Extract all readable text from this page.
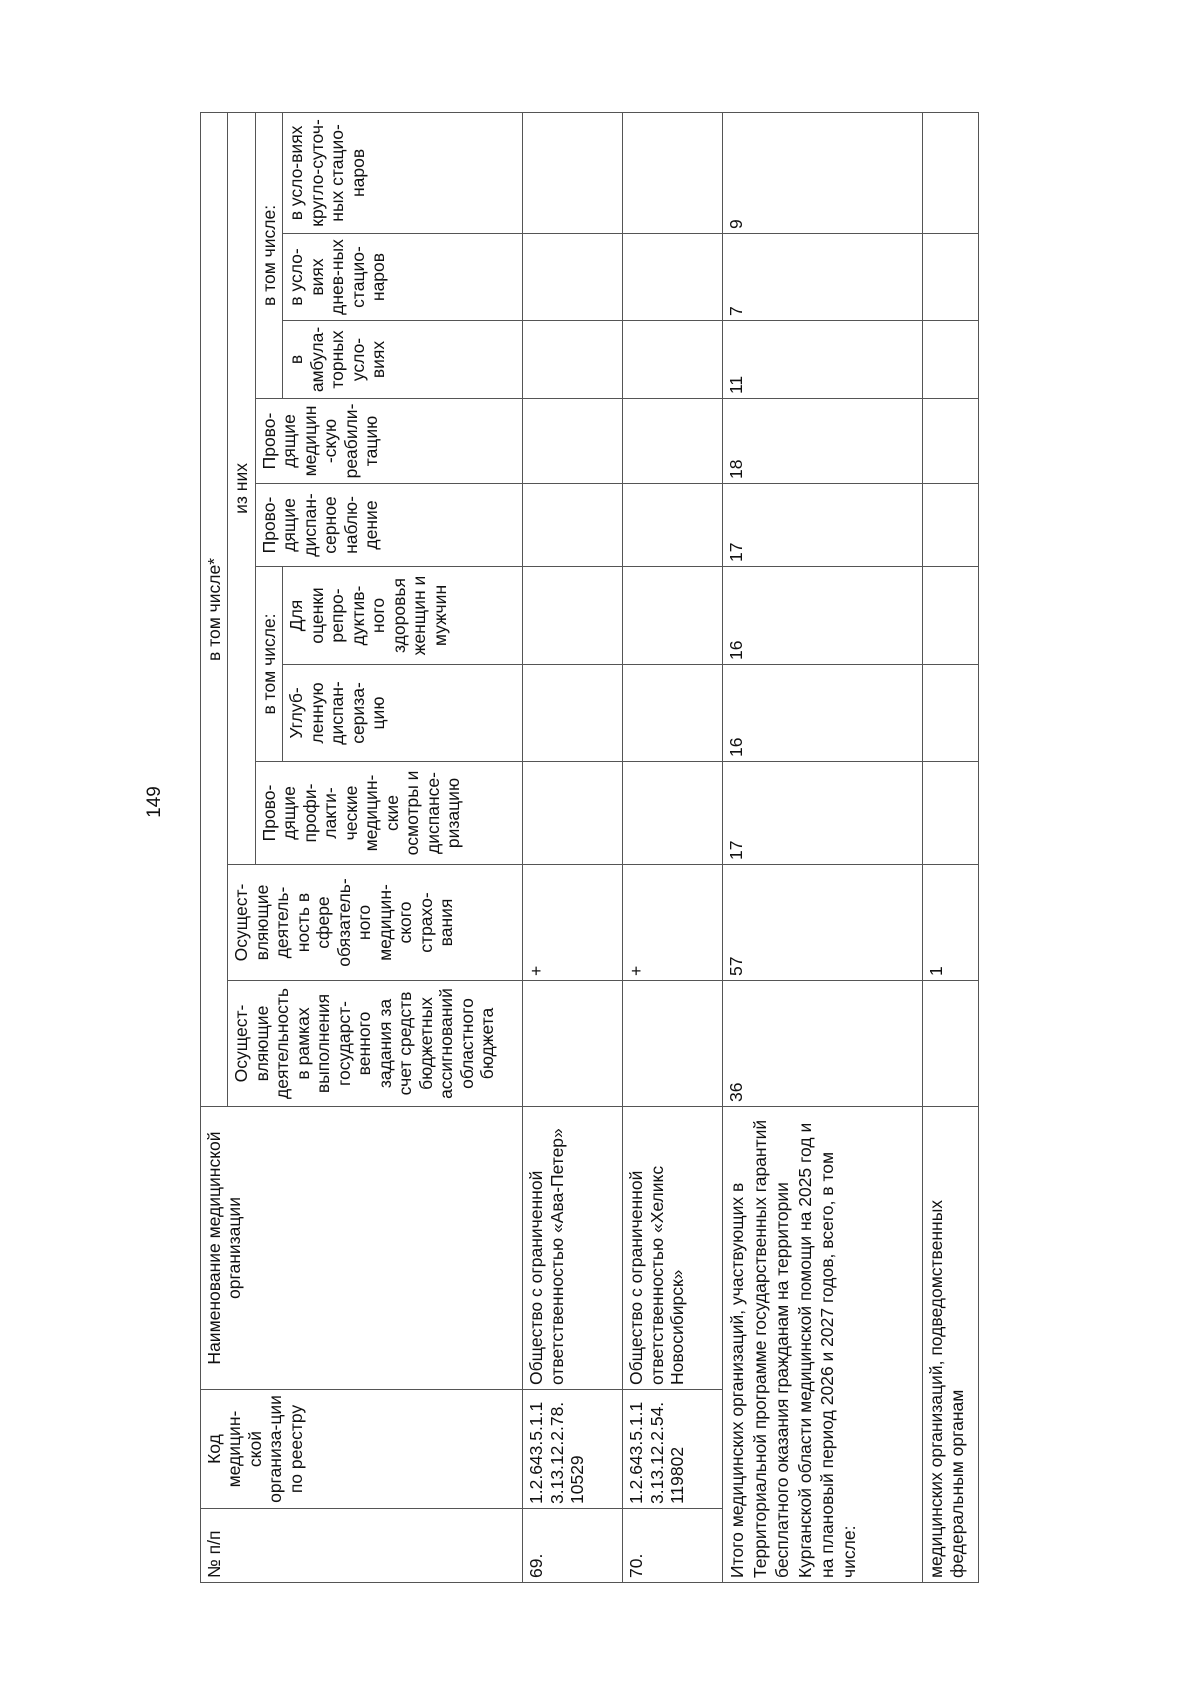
149
№ п/п	Код медицин-ской организа-ции по реестру	Наименование медицинской организации	в том числе*									
			Осущест-вляющие деятельность в рамках выполнения государст-венного задания за счет средств бюджетных ассигнований областного бюджета	Осущест-вляющие деятель-ность в сфере обязатель-ного медицин-ского страхо-вания	из них							
					Прово-дящие профи-лакти-ческие медицин-ские осмотры и диспансе-ризацию	в том числе:		Прово-дящие диспан-серное наблю-дение	Прово-дящие медицин-скую реабили-тацию	в том числе:		
						Углуб-ленную диспан-сериза-цию	Для оценки репро-дуктив-ного здоровья женщин и мужчин			в амбула-торных усло-виях	в усло-виях днев-ных стацио-наров	в усло-виях кругло-суточ-ных стацио-наров
69.	1.2.643.5.1.13.13.12.2.78.10529	Общество с ограниченной ответственностью «Ава-Петер»		+								
70.	1.2.643.5.1.13.13.12.2.54.119802	Общество с ограниченной ответственностью «Хеликс Новосибирск»		+								
Итого медицинских организаций, участвующих в Территориальной программе государственных гарантий бесплатного оказания гражданам на территории Курганской области медицинской помощи на 2025 год и на плановый период 2026 и 2027 годов, всего, в том числе:			36	57	17	16	16	17	18	11	7	9
медицинских организаций, подведомственных федеральным органам				1								
